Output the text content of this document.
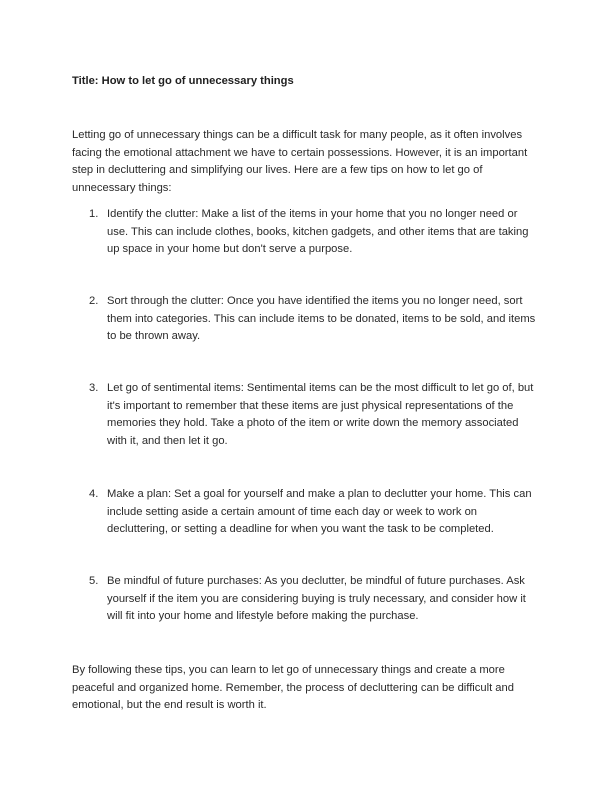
Title: How to let go of unnecessary things
Letting go of unnecessary things can be a difficult task for many people, as it often involves facing the emotional attachment we have to certain possessions. However, it is an important step in decluttering and simplifying our lives. Here are a few tips on how to let go of unnecessary things:
1. Identify the clutter: Make a list of the items in your home that you no longer need or use. This can include clothes, books, kitchen gadgets, and other items that are taking up space in your home but don't serve a purpose.
2. Sort through the clutter: Once you have identified the items you no longer need, sort them into categories. This can include items to be donated, items to be sold, and items to be thrown away.
3. Let go of sentimental items: Sentimental items can be the most difficult to let go of, but it's important to remember that these items are just physical representations of the memories they hold. Take a photo of the item or write down the memory associated with it, and then let it go.
4. Make a plan: Set a goal for yourself and make a plan to declutter your home. This can include setting aside a certain amount of time each day or week to work on decluttering, or setting a deadline for when you want the task to be completed.
5. Be mindful of future purchases: As you declutter, be mindful of future purchases. Ask yourself if the item you are considering buying is truly necessary, and consider how it will fit into your home and lifestyle before making the purchase.
By following these tips, you can learn to let go of unnecessary things and create a more peaceful and organized home. Remember, the process of decluttering can be difficult and emotional, but the end result is worth it.
